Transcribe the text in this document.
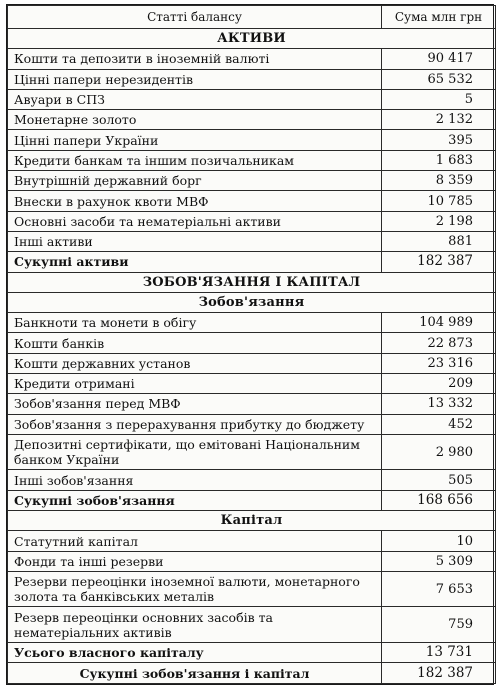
Статті балансу	Сума млн грн
АКТИВИ	
Кошти та депозити в іноземній валюті	90 417
Цінні папери нерезидентів	65 532
Авуари в СПЗ	5
Монетарне золото	2 132
Цінні папери України	395
Кредити банкам та іншим позичальникам	1 683
Внутрішній державний борг	8 359
Внески в рахунок квоти МВФ	10 785
Основні засоби та нематеріальні активи	2 198
Інші активи	881
Сукупні активи	182 387
ЗОБОВ'ЯЗАННЯ І КАПІТАЛ	
Зобов'язання	
Банкноти та монети в обігу	104 989
Кошти банків	22 873
Кошти державних установ	23 316
Кредити отримані	209
Зобов'язання перед МВФ	13 332
Зобов'язання з перерахування прибутку до бюджету	452
Депозитні сертифікати, що емітовані Національним банком України	2 980
Інші зобов'язання	505
Сукупні зобов'язання	168 656
Капітал	
Статутний капітал	10
Фонди та інші резерви	5 309
Резерви переоцінки іноземної валюти, монетарного золота та банківських металів	7 653
Резерв переоцінки основних засобів та нематеріальних активів	759
Усього власного капіталу	13 731
Сукупні зобов'язання і капітал	182 387
